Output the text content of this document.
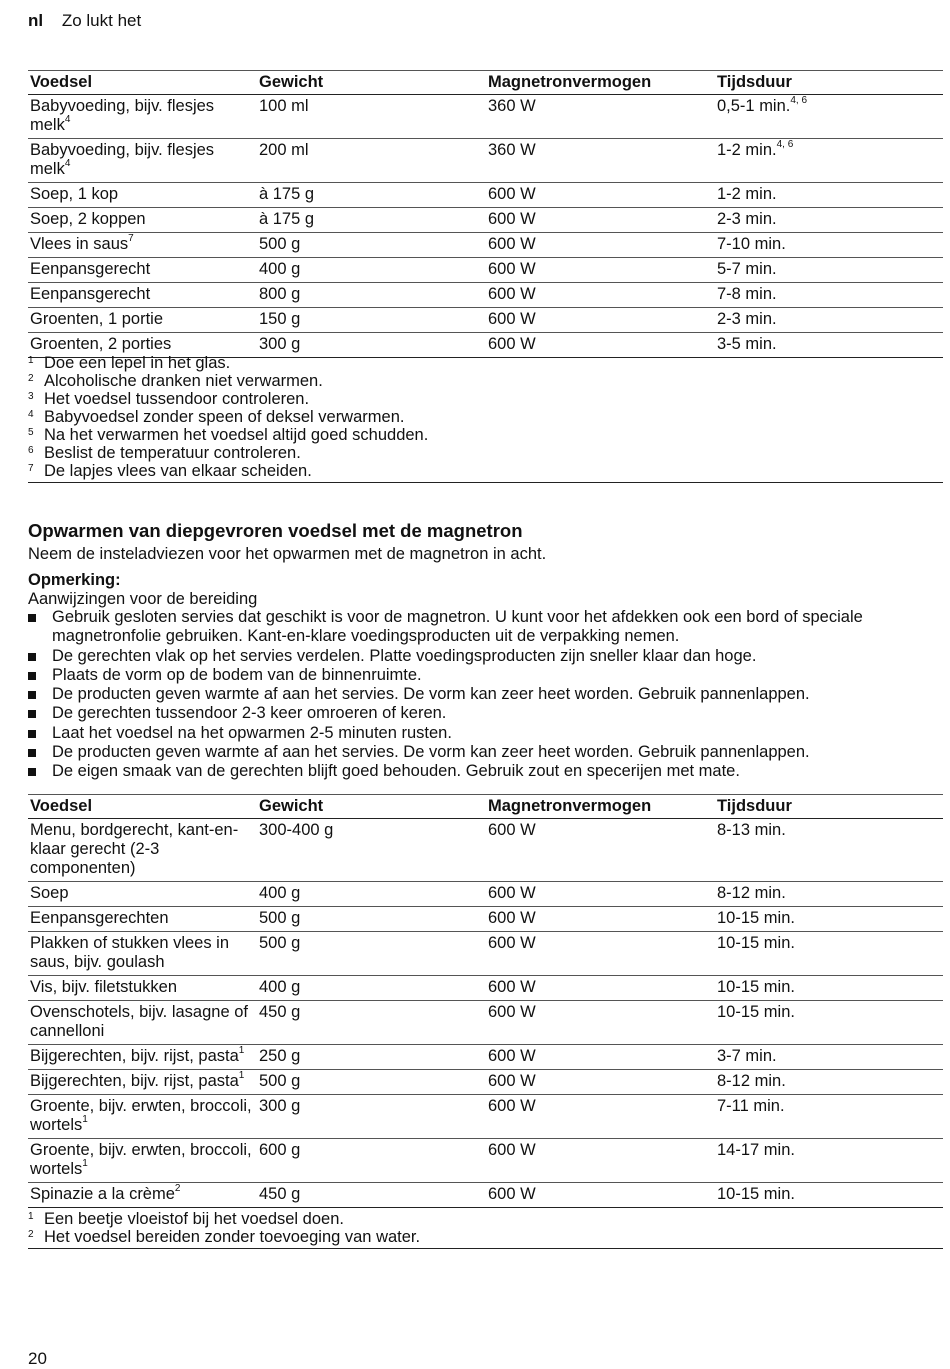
nl Zo lukt het
Voedsel	Gewicht	Magnetronvermogen	Tijdsduur
Babyvoeding, bijv. flesjes melk$^4$	100 ml	360 W	0,5-1 min.$^{4, 6}$
Babyvoeding, bijv. flesjes melk$^4$	200 ml	360 W	1-2 min.$^{4, 6}$
Soep, 1 kop	à 175 g	600 W	1-2 min.
Soep, 2 koppen	à 175 g	600 W	2-3 min.
Vlees in saus$^7$	500 g	600 W	7-10 min.
Eenpansgerecht	400 g	600 W	5-7 min.
Eenpansgerecht	800 g	600 W	7-8 min.
Groenten, 1 portie	150 g	600 W	2-3 min.
Groenten, 2 porties	300 g	600 W	3-5 min.
1 Doe een lepel in het glas.
2 Alcoholische dranken niet verwarmen.
3 Het voedsel tussendoor controleren.
4 Babyvoedsel zonder speen of deksel verwarmen.
5 Na het verwarmen het voedsel altijd goed schudden.
6 Beslist de temperatuur controleren.
7 De lapjes vlees van elkaar scheiden.
Opwarmen van diepgevroren voedsel met de magnetron
Neem de insteladviezen voor het opwarmen met de magnetron in acht.
Opmerking:
Aanwijzingen voor de bereiding
Gebruik gesloten servies dat geschikt is voor de magnetron. U kunt voor het afdekken ook een bord of speciale magnetronfolie gebruiken. Kant-en-klare voedingsproducten uit de verpakking nemen.
De gerechten vlak op het servies verdelen. Platte voedingsproducten zijn sneller klaar dan hoge.
Plaats de vorm op de bodem van de binnenruimte.
De producten geven warmte af aan het servies. De vorm kan zeer heet worden. Gebruik pannenlappen.
De gerechten tussendoor 2-3 keer omroeren of keren.
Laat het voedsel na het opwarmen 2-5 minuten rusten.
De producten geven warmte af aan het servies. De vorm kan zeer heet worden. Gebruik pannenlappen.
De eigen smaak van de gerechten blijft goed behouden. Gebruik zout en specerijen met mate.
Voedsel	Gewicht	Magnetronvermogen	Tijdsduur
Menu, bordgerecht, kant-en-klaar gerecht (2-3 componenten)	300-400 g	600 W	8-13 min.
Soep	400 g	600 W	8-12 min.
Eenpansgerechten	500 g	600 W	10-15 min.
Plakken of stukken vlees in saus, bijv. goulash	500 g	600 W	10-15 min.
Vis, bijv. filetstukken	400 g	600 W	10-15 min.
Ovenschotels, bijv. lasagne of cannelloni	450 g	600 W	10-15 min.
Bijgerechten, bijv. rijst, pasta$^1$	250 g	600 W	3-7 min.
Bijgerechten, bijv. rijst, pasta$^1$	500 g	600 W	8-12 min.
Groente, bijv. erwten, broccoli, wortels$^1$	300 g	600 W	7-11 min.
Groente, bijv. erwten, broccoli, wortels$^1$	600 g	600 W	14-17 min.
Spinazie a la crème$^2$	450 g	600 W	10-15 min.
1 Een beetje vloeistof bij het voedsel doen.
2 Het voedsel bereiden zonder toevoeging van water.
20
